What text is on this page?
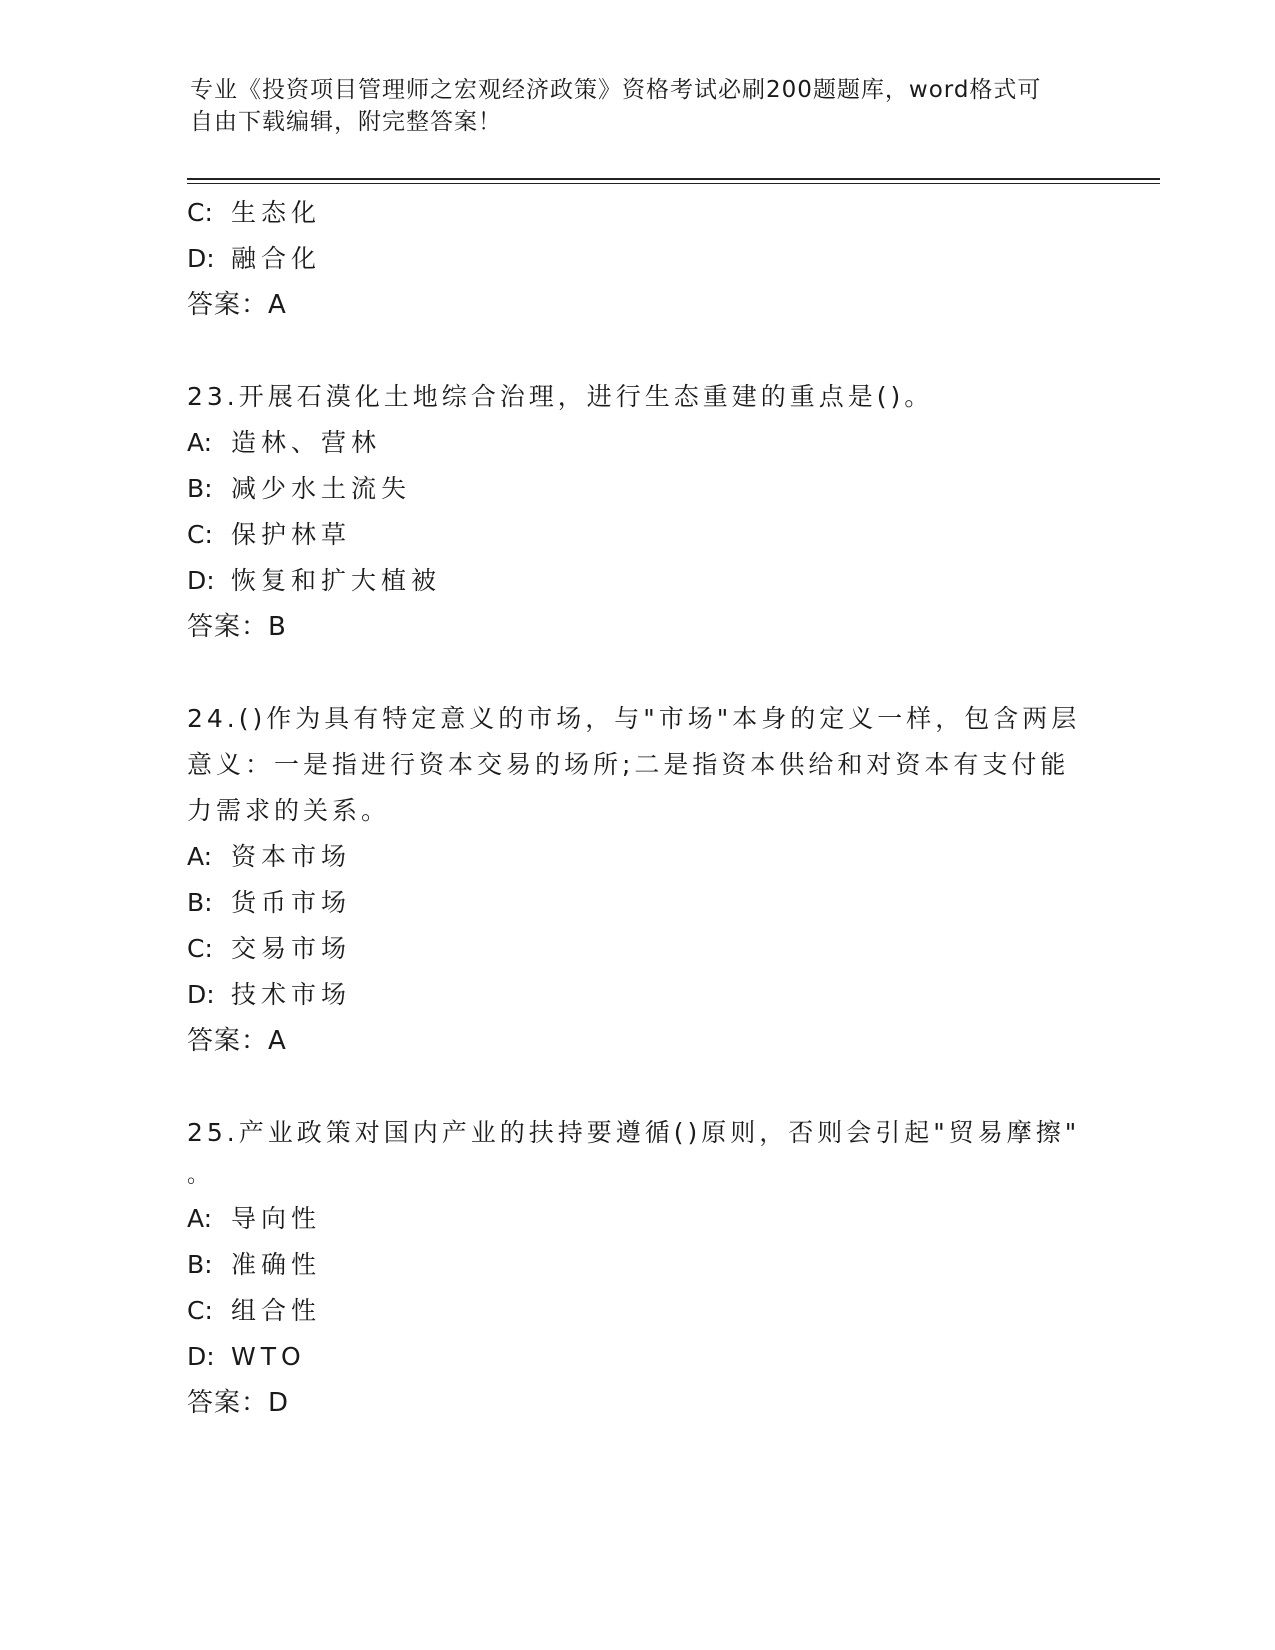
专业《投资项目管理师之宏观经济政策》资格考试必刷200题题库，word格式可
自由下载编辑，附完整答案！
C: 生态化
D: 融合化
答案：A
23.开展石漠化土地综合治理，进行生态重建的重点是()。
A: 造林、营林
B: 减少水土流失
C: 保护林草
D: 恢复和扩大植被
答案：B
24.()作为具有特定意义的市场，与"市场"本身的定义一样，包含两层意义：一是指进行资本交易的场所;二是指资本供给和对资本有支付能力需求的关系。
A: 资本市场
B: 货币市场
C: 交易市场
D: 技术市场
答案：A
25.产业政策对国内产业的扶持要遵循()原则，否则会引起"贸易摩擦"
。
A: 导向性
B: 准确性
C: 组合性
D: WTO
答案：D
